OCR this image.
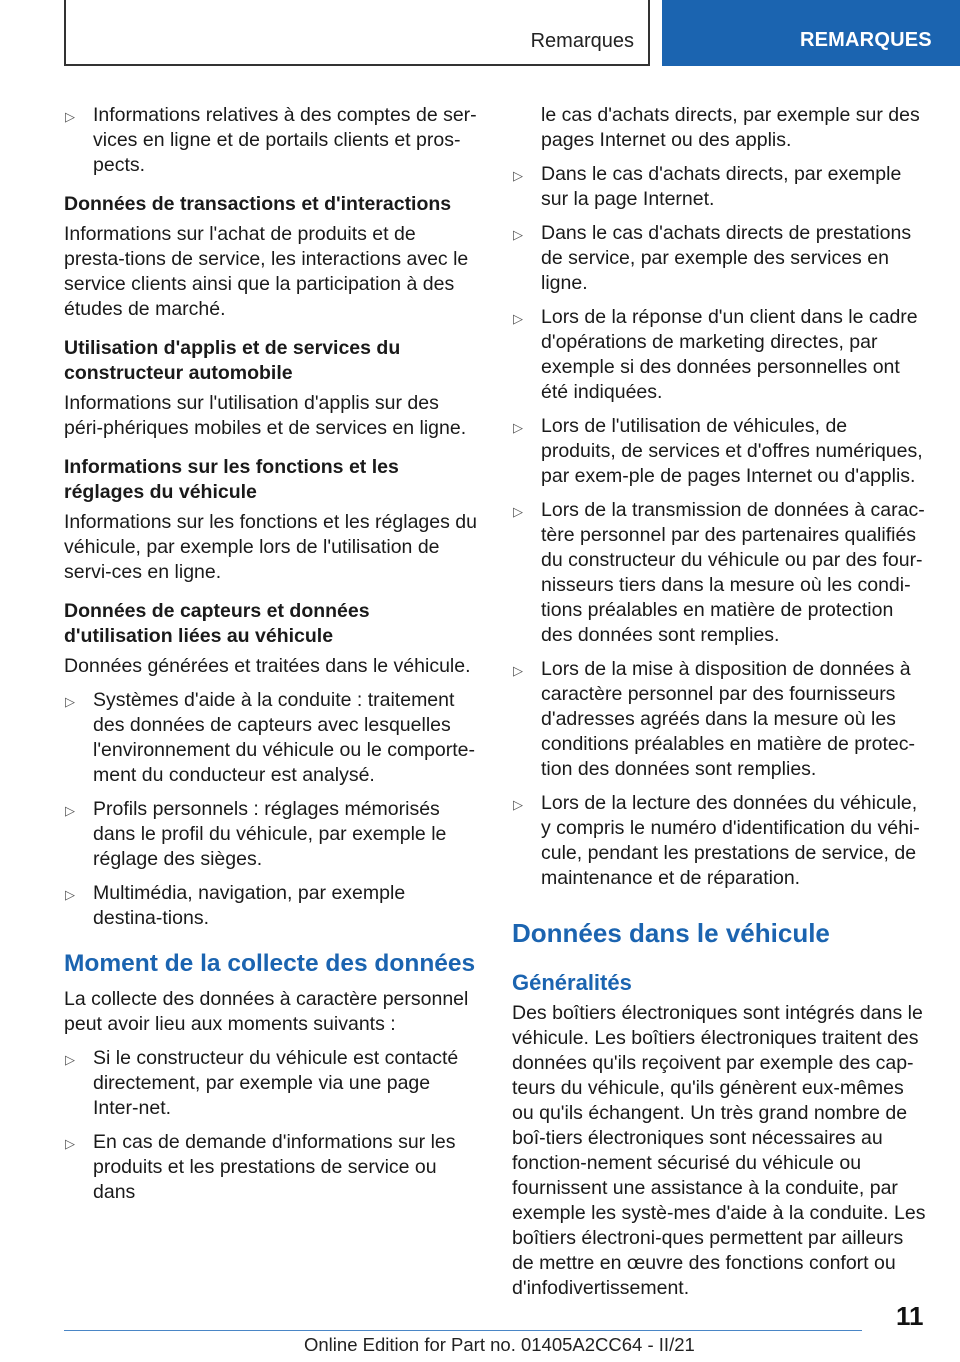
Remarques	REMARQUES
▷ Informations relatives à des comptes de ser-vices en ligne et de portails clients et pros-pects.
Données de transactions et d'interactions

Informations sur l'achat de produits et de presta-tions de service, les interactions avec le service clients ainsi que la participation à des études de marché.

Utilisation d'applis et de services du constructeur automobile

Informations sur l'utilisation d'applis sur des péri-phériques mobiles et de services en ligne.

Informations sur les fonctions et les réglages du véhicule

Informations sur les fonctions et les réglages du véhicule, par exemple lors de l'utilisation de servi-ces en ligne.

Données de capteurs et données d'utilisation liées au véhicule

Données générées et traitées dans le véhicule.

▷ Systèmes d'aide à la conduite : traitement des données de capteurs avec lesquelles l'environnement du véhicule ou le comporte-ment du conducteur est analysé.
▷ Profils personnels : réglages mémorisés dans le profil du véhicule, par exemple le réglage des sièges.
▷ Multimédia, navigation, par exemple destina-tions.
Moment de la collecte des données

La collecte des données à caractère personnel peut avoir lieu aux moments suivants :

▷ Si le constructeur du véhicule est contacté directement, par exemple via une page Inter-net.
▷ En cas de demande d'informations sur les produits et les prestations de service ou dans
le cas d'achats directs, par exemple sur des pages Internet ou des applis.
▷ Dans le cas d'achats directs, par exemple sur la page Internet.
▷ Dans le cas d'achats directs de prestations de service, par exemple des services en ligne.
▷ Lors de la réponse d'un client dans le cadre d'opérations de marketing directes, par exemple si des données personnelles ont été indiquées.
▷ Lors de l'utilisation de véhicules, de produits, de services et d'offres numériques, par exem-ple de pages Internet ou d'applis.
▷ Lors de la transmission de données à carac-tère personnel par des partenaires qualifiés du constructeur du véhicule ou par des four-nisseurs tiers dans la mesure où les condi-tions préalables en matière de protection des données sont remplies.
▷ Lors de la mise à disposition de données à caractère personnel par des fournisseurs d'adresses agréés dans la mesure où les conditions préalables en matière de protec-tion des données sont remplies.
▷ Lors de la lecture des données du véhicule, y compris le numéro d'identification du véhi-cule, pendant les prestations de service, de maintenance et de réparation.
Données dans le véhicule
Généralités

Des boîtiers électroniques sont intégrés dans le véhicule. Les boîtiers électroniques traitent des données qu'ils reçoivent par exemple des cap-teurs du véhicule, qu'ils génèrent eux-mêmes ou qu'ils échangent. Un très grand nombre de boî-tiers électroniques sont nécessaires au fonction-nement sécurisé du véhicule ou fournissent une assistance à la conduite, par exemple les systè-mes d'aide à la conduite. Les boîtiers électroni-ques permettent par ailleurs de mettre en œuvre des fonctions confort ou d'infodivertissement.

11
Online Edition for Part no. 01405A2CC64 - II/21
